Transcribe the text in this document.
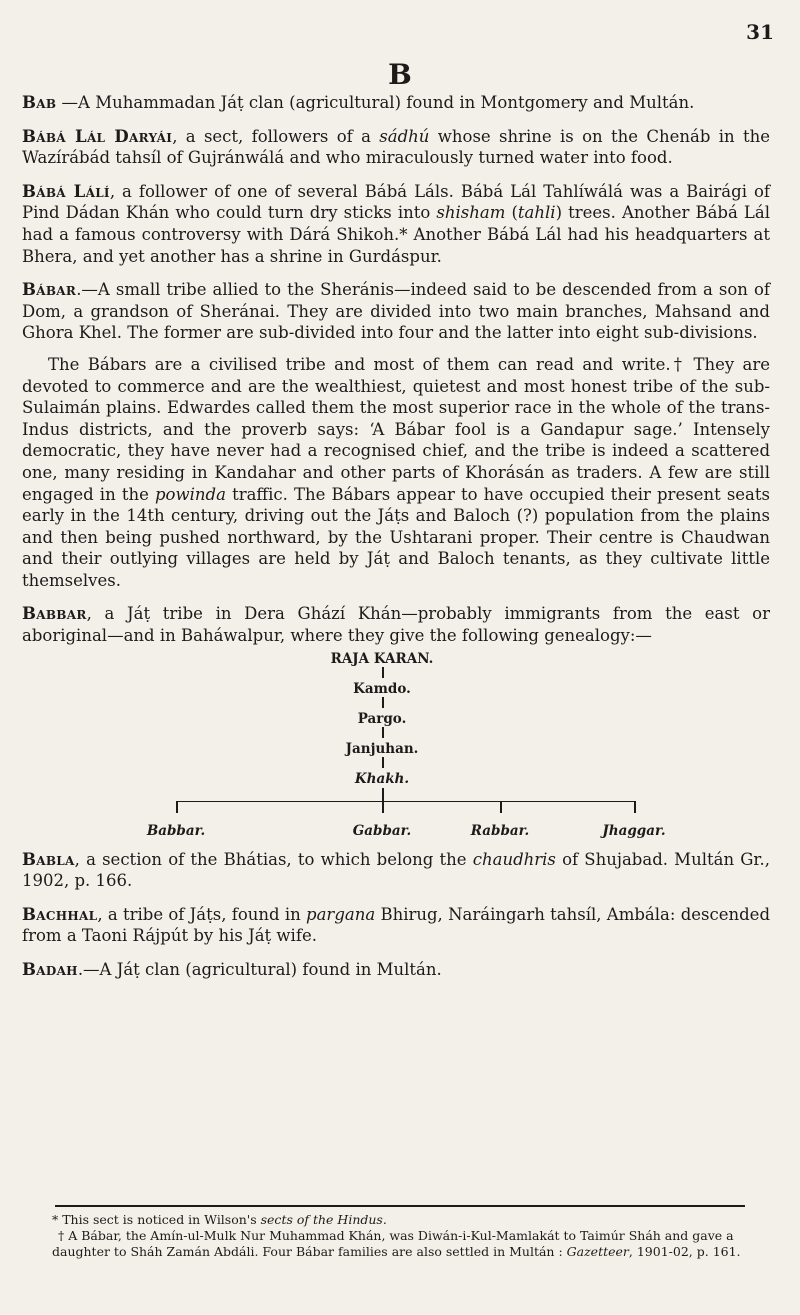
31
B

Bab —A Muhammadan Jáṭ clan (agricultural) found in Montgomery and Multán.

Bábá Lál Daryái, a sect, followers of a sádhú whose shrine is on the Chenáb in the Wazírábád tahsíl of Gujránwálá and who miraculously turned water into food.

Bábá Lálí, a follower of one of several Bábá Láls. Bábá Lál Tahlíwálá was a Bairági of Pind Dádan Khán who could turn dry sticks into shisham (tahli) trees. Another Bábá Lál had a famous controversy with Dárá Shikoh.* Another Bábá Lál had his headquarters at Bhera, and yet another has a shrine in Gurdáspur.

Bábar.—A small tribe allied to the Sheránis—indeed said to be descended from a son of Dom, a grandson of Sheránai. They are divided into two main branches, Mahsand and Ghora Khel. The former are sub-divided into four and the latter into eight sub-divisions.

The Bábars are a civilised tribe and most of them can read and write.† They are devoted to commerce and are the wealthiest, quietest and most honest tribe of the sub-Sulaimán plains. Edwardes called them the most superior race in the whole of the trans-Indus districts, and the proverb says: ‘A Bábar fool is a Gandapur sage.’ Intensely democratic, they have never had a recognised chief, and the tribe is indeed a scattered one, many residing in Kandahar and other parts of Khorásán as traders. A few are still engaged in the powinda traffic. The Bábars appear to have occupied their present seats early in the 14th century, driving out the Jáṭs and Baloch (?) population from the plains and then being pushed northward, by the Ushtarani proper. Their centre is Chaudwan and their outlying villages are held by Jáṭ and Baloch tenants, as they cultivate little themselves.

Babbar, a Jáṭ tribe in Dera Ghází Khán—probably immigrants from the east or aboriginal—and in Baháwalpur, where they give the following genealogy:—

RAJA KARAN.
Kamdo.
Pargo.
Janjuhan.
Khakh.
Babbar.	Gabbar.	Rabbar.	Jhaggar.

Babla, a section of the Bhátias, to which belong the chaudhris of Shujabad. Multán Gr., 1902, p. 166.

Bachhal, a tribe of Jáṭs, found in pargana Bhirug, Naráingarh tahsíl, Ambála: descended from a Taoni Rájpút by his Jáṭ wife.

Badah.—A Jáṭ clan (agricultural) found in Multán.

* This sect is noticed in Wilson's sects of the Hindus.

† A Bábar, the Amín-ul-Mulk Nur Muhammad Khán, was Diwán-i-Kul-Mamlakát to Taimúr Sháh and gave a daughter to Sháh Zamán Abdáli. Four Bábar families are also settled in Multán : Gazetteer, 1901-02, p. 161.
